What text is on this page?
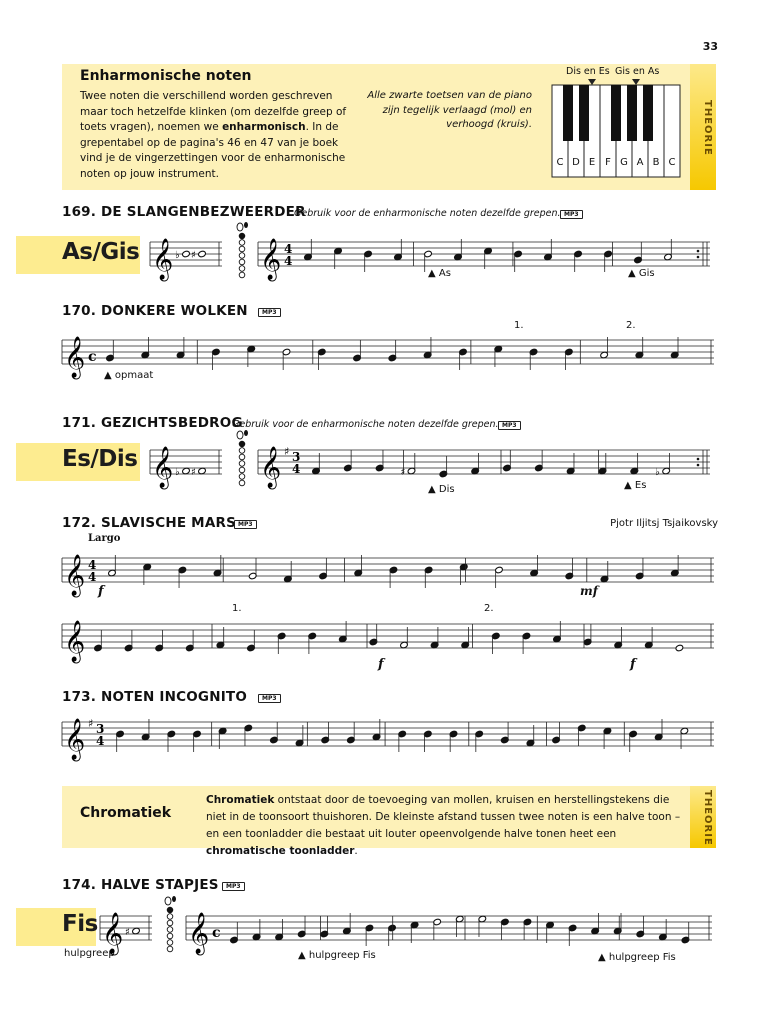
33
THEORIE
Enharmonische noten
Twee noten die verschillend worden geschreven maar toch hetzelfde klinken (om dezelfde greep of toets vragen), noemen we enharmonisch. In de grepentabel op de pagina's 46 en 47 van je boek vind je de vingerzettingen voor de enharmonische noten op jouw instrument.
Alle zwarte toetsen van de piano zijn tegelijk verlaagd (mol) en verhoogd (kruis).
Dis en Es Gis en As
C D E F G A B C
169. DE SLANGENBEZWEERDER
Gebruik voor de enharmonische noten dezelfde grepen. MP3
As/Gis 𝄞 ♭ ♯ 𝄞 4
4
▲ As	▲ Gis
170. DONKERE WOLKEN	MP3
𝄞 c
▲ opmaat
1.	2.
171. GEZICHTSBEDROG
Gebruik voor de enharmonische noten dezelfde grepen. MP3
Es/Dis 𝄞 ♭ ♯ 𝄞 ♯ 3
4	♯	♭
▲ Dis	▲ Es
172. SLAVISCHE MARS MP3	Pjotr Iljitsj Tsjaikovsky
Largo
𝄞 4
4
f	mf
𝄞
1.	2.
f	f
173. NOTEN INCOGNITO	MP3
𝄞 ♯ 3
4
THEORIE
Chromatiek
Chromatiek ontstaat door de toevoeging van mollen, kruisen en herstellingstekens die niet in de toonsoort thuishoren. De kleinste afstand tussen twee noten is een halve toon – en een toonladder die bestaat uit louter opeenvolgende halve tonen heet een chromatische toonladder.
174. HALVE STAPJES	MP3
Fis
hulpgreep
𝄞 ♯ 𝄞 c
▲ hulpgreep Fis	▲ hulpgreep Fis
